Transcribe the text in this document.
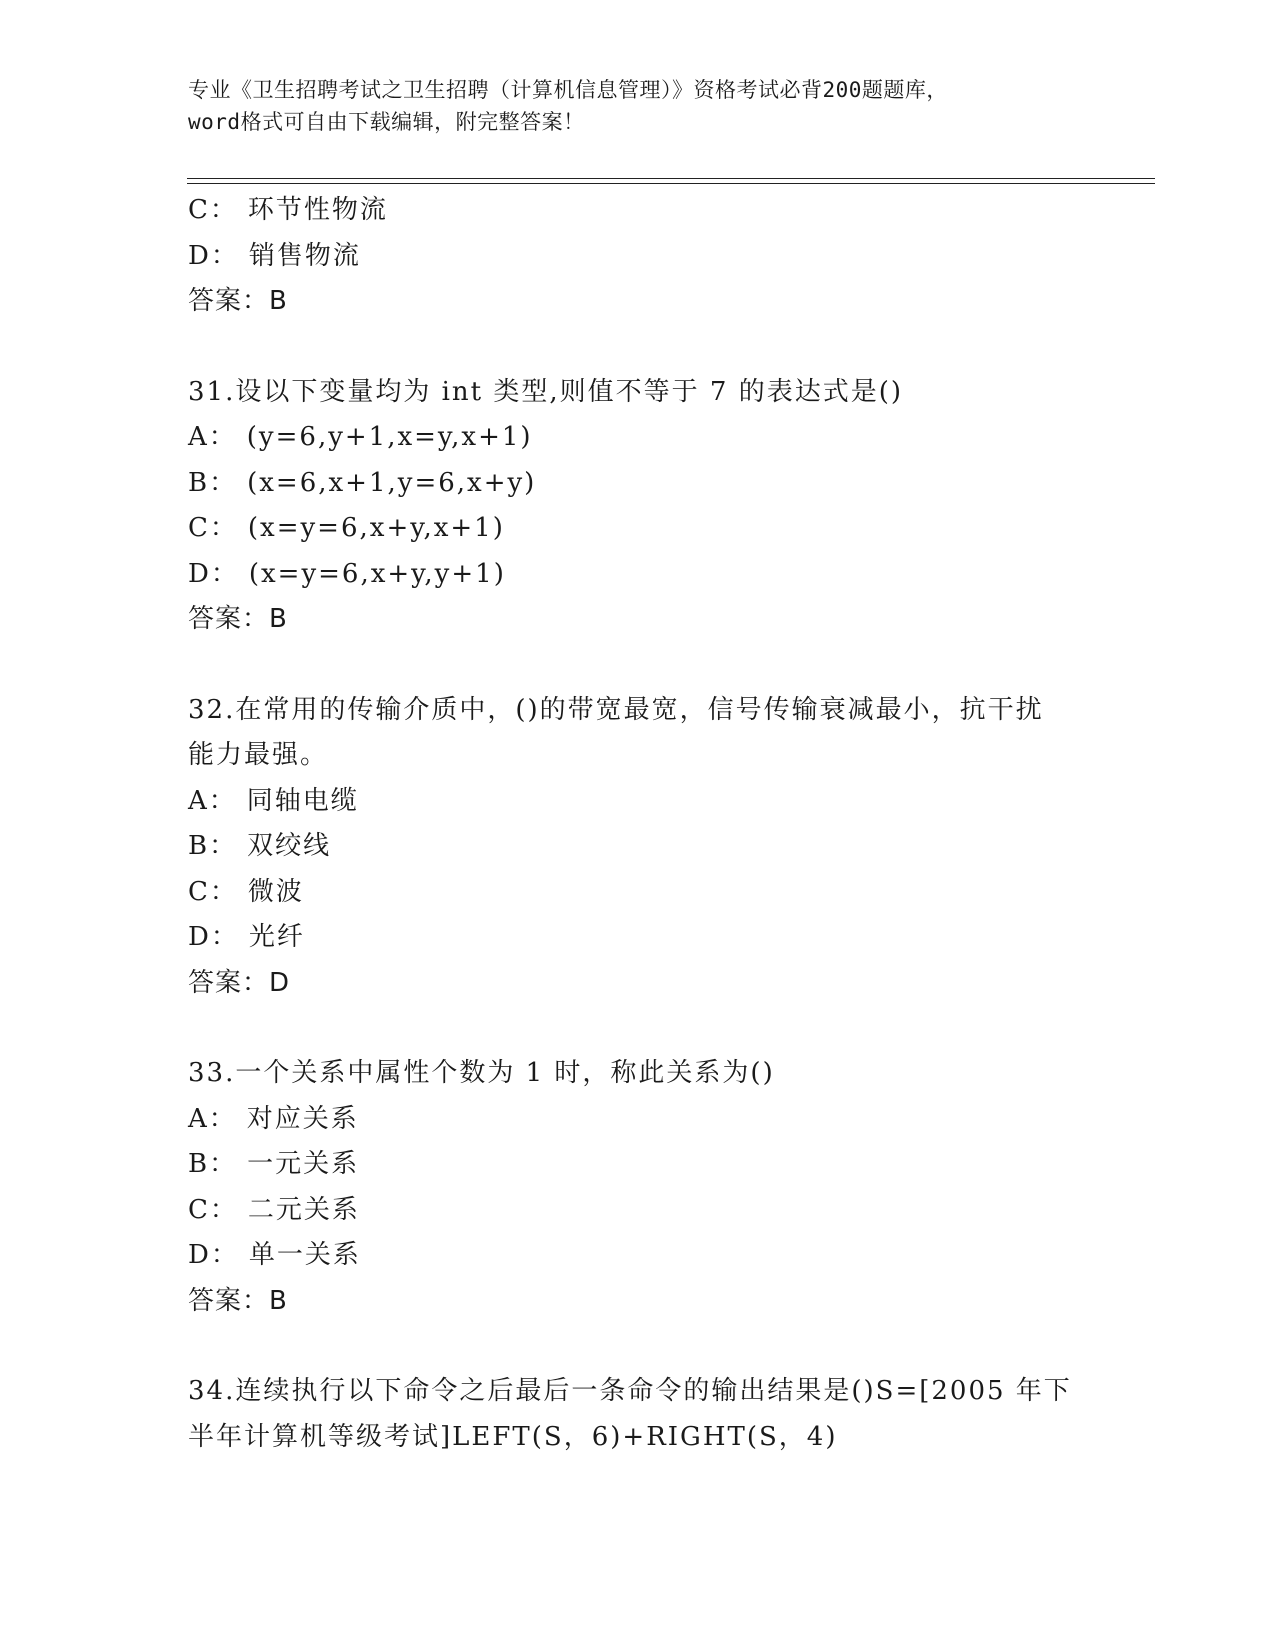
专业《卫生招聘考试之卫生招聘（计算机信息管理）》资格考试必背200题题库，
word格式可自由下载编辑，附完整答案！
C： 环节性物流
D： 销售物流
答案：B
31.设以下变量均为 int 类型,则值不等于 7 的表达式是()
A： (y=6,y+1,x=y,x+1)
B： (x=6,x+1,y=6,x+y)
C： (x=y=6,x+y,x+1)
D： (x=y=6,x+y,y+1)
答案：B
32.在常用的传输介质中，()的带宽最宽，信号传输衰减最小，抗干扰
能力最强。
A： 同轴电缆
B： 双绞线
C： 微波
D： 光纤
答案：D
33.一个关系中属性个数为 1 时，称此关系为()
A： 对应关系
B： 一元关系
C： 二元关系
D： 单一关系
答案：B
34.连续执行以下命令之后最后一条命令的输出结果是()S=[2005 年下
半年计算机等级考试]LEFT(S，6)+RIGHT(S，4)
